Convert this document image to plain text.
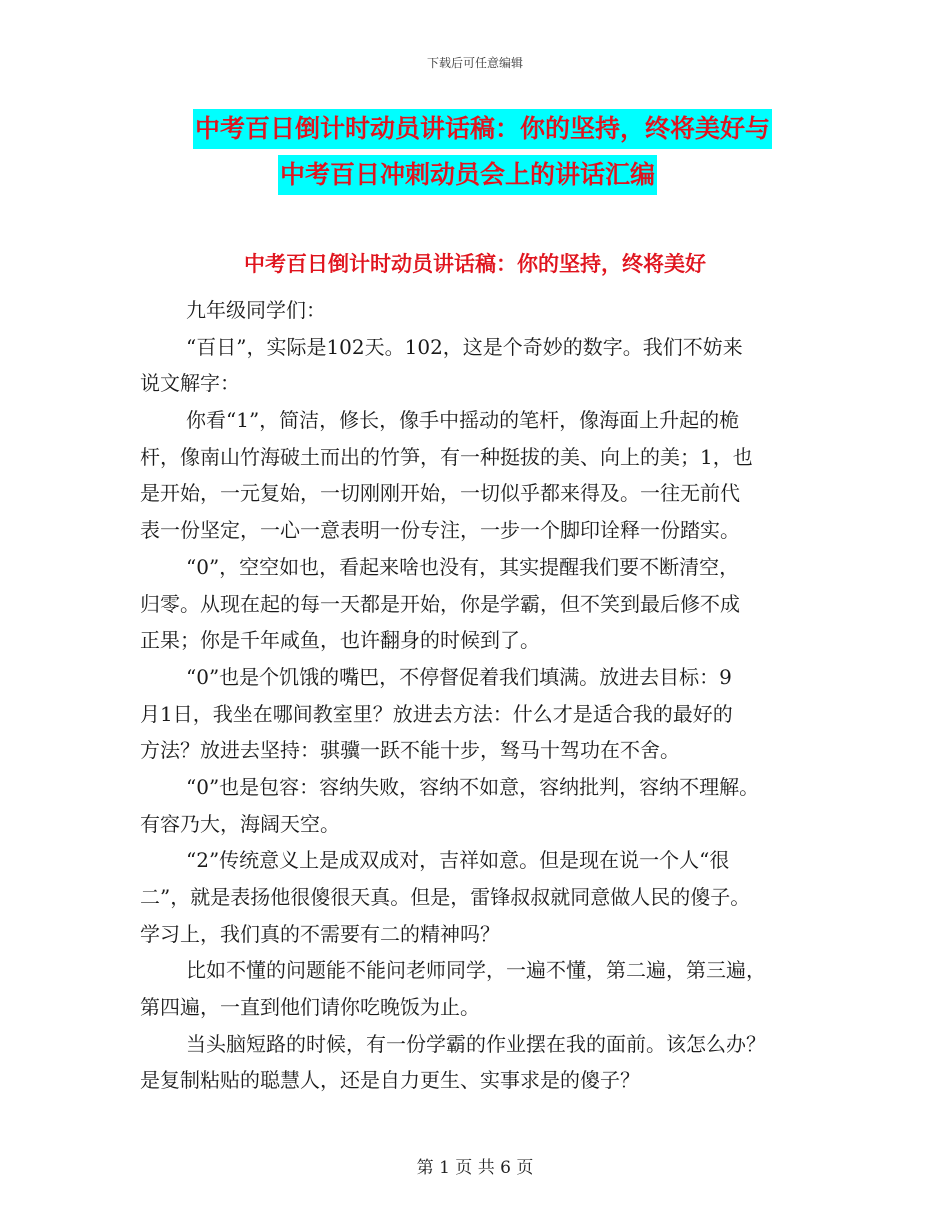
下载后可任意编辑
中考百日倒计时动员讲话稿：你的坚持，终将美好与
中考百日冲刺动员会上的讲话汇编
中考百日倒计时动员讲话稿：你的坚持，终将美好
九年级同学们：
“百日”，实际是102天。102，这是个奇妙的数字。我们不妨来
说文解字：
你看“1”，简洁，修长，像手中摇动的笔杆，像海面上升起的桅
杆，像南山竹海破土而出的竹笋，有一种挺拔的美、向上的美；1，也
是开始，一元复始，一切刚刚开始，一切似乎都来得及。一往无前代
表一份坚定，一心一意表明一份专注，一步一个脚印诠释一份踏实。
“0”，空空如也，看起来啥也没有，其实提醒我们要不断清空，
归零。从现在起的每一天都是开始，你是学霸，但不笑到最后修不成
正果；你是千年咸鱼，也许翻身的时候到了。
“0”也是个饥饿的嘴巴，不停督促着我们填满。放进去目标：9
月1日，我坐在哪间教室里？放进去方法：什么才是适合我的最好的
方法？放进去坚持：骐骥一跃不能十步，驽马十驾功在不舍。
“0”也是包容：容纳失败，容纳不如意，容纳批判，容纳不理解。
有容乃大，海阔天空。
“2”传统意义上是成双成对，吉祥如意。但是现在说一个人“很
二”，就是表扬他很傻很天真。但是，雷锋叔叔就同意做人民的傻子。
学习上，我们真的不需要有二的精神吗？
比如不懂的问题能不能问老师同学，一遍不懂，第二遍，第三遍，
第四遍，一直到他们请你吃晚饭为止。
当头脑短路的时候，有一份学霸的作业摆在我的面前。该怎么办？
是复制粘贴的聪慧人，还是自力更生、实事求是的傻子？
第 1 页 共 6 页
